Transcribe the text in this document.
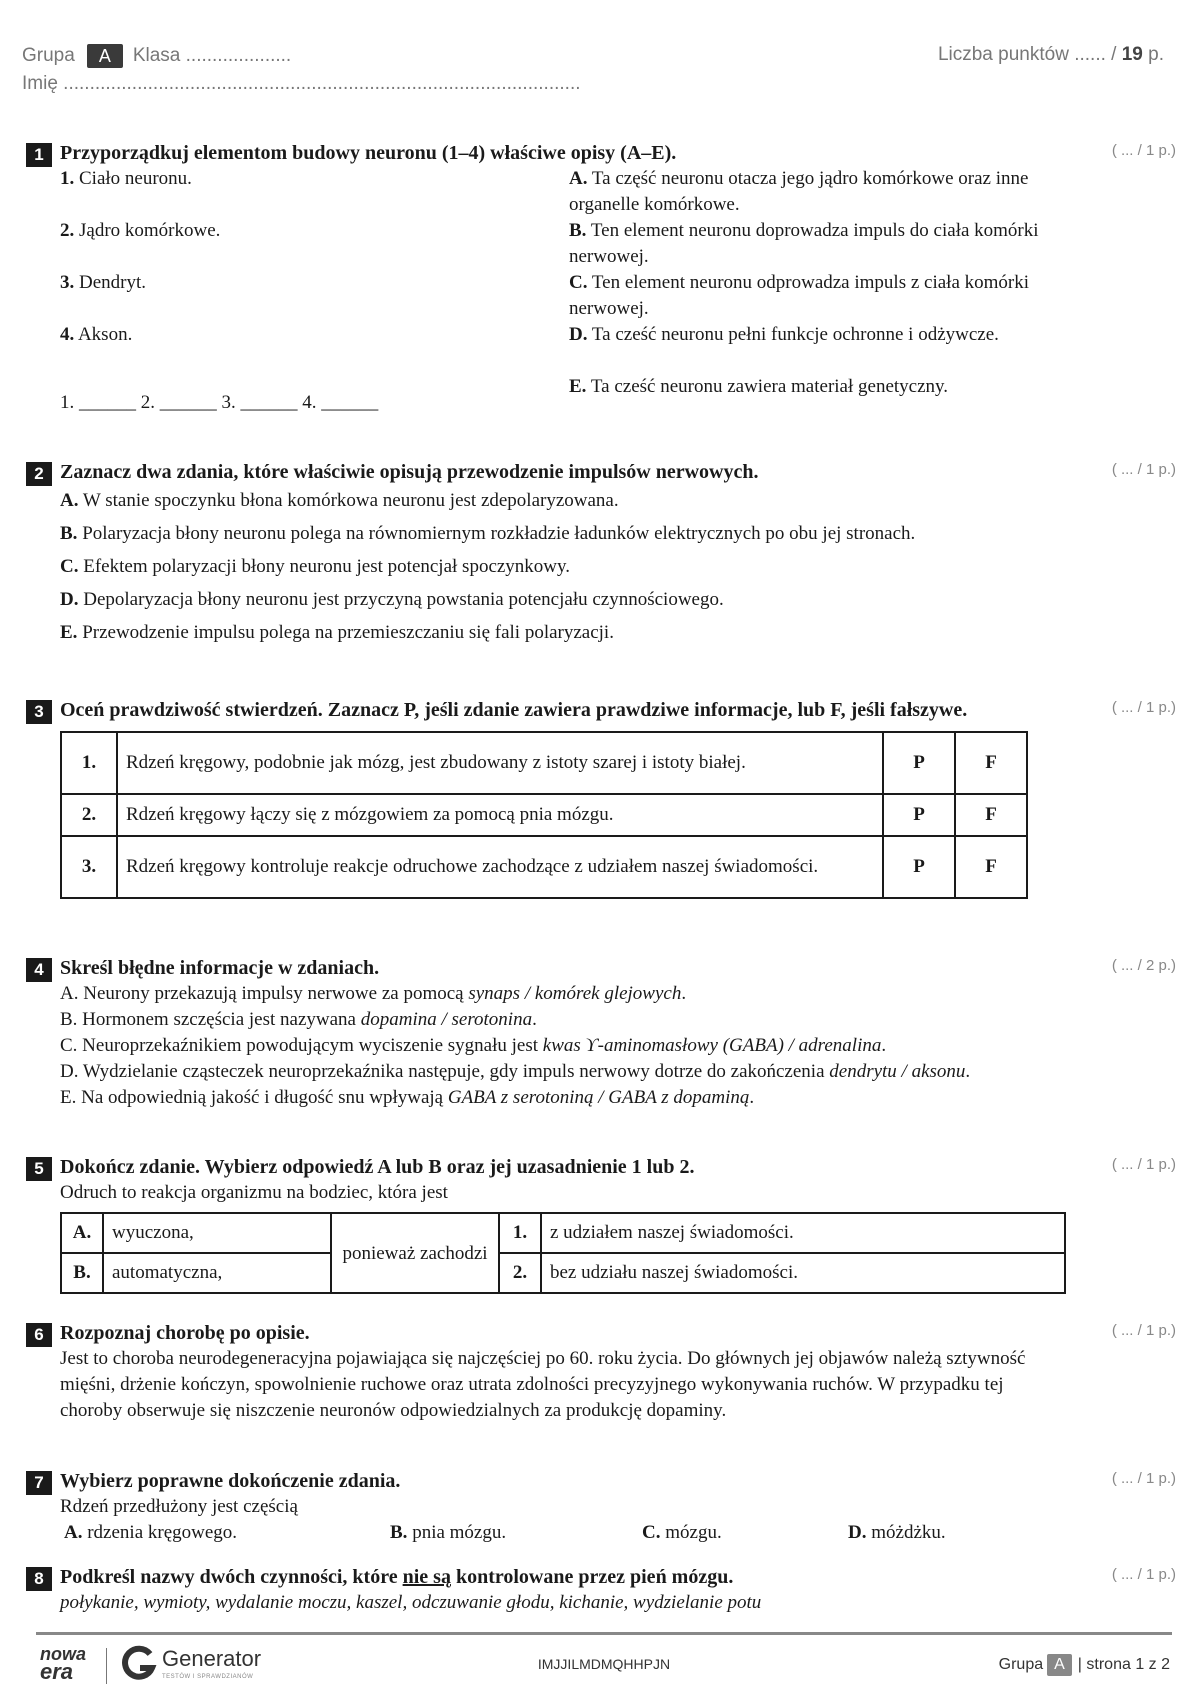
Grupa	A	Klasa ....................
Imię ..................................................................................................
Liczba punktów ...... / 19 p.
1 Przyporządkuj elementom budowy neuronu (1–4) właściwe opisy (A–E).	( ... / 1 p.)
1. Ciało neuronu.
2. Jądro komórkowe.
3. Dendryt.
4. Akson.
1. ______ 2. ______ 3. ______ 4. ______
A. Ta część neuronu otacza jego jądro komórkowe oraz inne organelle komórkowe.
B. Ten element neuronu doprowadza impuls do ciała komórki nerwowej.
C. Ten element neuronu odprowadza impuls z ciała komórki nerwowej.
D. Ta cześć neuronu pełni funkcje ochronne i odżywcze.
E. Ta cześć neuronu zawiera materiał genetyczny.
2 Zaznacz dwa zdania, które właściwie opisują przewodzenie impulsów nerwowych.	( ... / 1 p.)
A. W stanie spoczynku błona komórkowa neuronu jest zdepolaryzowana.
B. Polaryzacja błony neuronu polega na równomiernym rozkładzie ładunków elektrycznych po obu jej stronach.
C. Efektem polaryzacji błony neuronu jest potencjał spoczynkowy.
D. Depolaryzacja błony neuronu jest przyczyną powstania potencjału czynnościowego.
E. Przewodzenie impulsu polega na przemieszczaniu się fali polaryzacji.
3 Oceń prawdziwość stwierdzeń. Zaznacz P, jeśli zdanie zawiera prawdziwe informacje, lub F, jeśli fałszywe.	( ... / 1 p.)
1.	Rdzeń kręgowy, podobnie jak mózg, jest zbudowany z istoty szarej i istoty białej.	P	F
2.	Rdzeń kręgowy łączy się z mózgowiem za pomocą pnia mózgu.	P	F
3.	Rdzeń kręgowy kontroluje reakcje odruchowe zachodzące z udziałem naszej świadomości.	P	F
4 Skreśl błędne informacje w zdaniach.	( ... / 2 p.)
A. Neurony przekazują impulsy nerwowe za pomocą synaps / komórek glejowych.
B. Hormonem szczęścia jest nazywana dopamina / serotonina.
C. Neuroprzekaźnikiem powodującym wyciszenie sygnału jest kwas ϒ-aminomasłowy (GABA) / adrenalina.
D. Wydzielanie cząsteczek neuroprzekaźnika następuje, gdy impuls nerwowy dotrze do zakończenia dendrytu / aksonu.
E. Na odpowiednią jakość i długość snu wpływają GABA z serotoniną / GABA z dopaminą.
5 Dokończ zdanie. Wybierz odpowiedź A lub B oraz jej uzasadnienie 1 lub 2.	( ... / 1 p.)
Odruch to reakcja organizmu na bodziec, która jest
A.	wyuczona,	ponieważ zachodzi	1.	z udziałem naszej świadomości.
B.	automatyczna,		2.	bez udziału naszej świadomości.
6 Rozpoznaj chorobę po opisie.	( ... / 1 p.)
Jest to choroba neurodegeneracyjna pojawiająca się najczęściej po 60. roku życia. Do głównych jej objawów należą sztywność mięśni, drżenie kończyn, spowolnienie ruchowe oraz utrata zdolności precyzyjnego wykonywania ruchów. W przypadku tej choroby obserwuje się niszczenie neuronów odpowiedzialnych za produkcję dopaminy.
7 Wybierz poprawne dokończenie zdania.	( ... / 1 p.)
Rdzeń przedłużony jest częścią
A. rdzenia kręgowego.	B. pnia mózgu.	C. mózgu.	D. móżdżku.
8 Podkreśl nazwy dwóch czynności, które nie są kontrolowane przez pień mózgu.	( ... / 1 p.)
połykanie, wymioty, wydalanie moczu, kaszel, odczuwanie głodu, kichanie, wydzielanie potu
nowa
era
Generator
TESTÓW I SPRAWDZIANÓW
IMJJILMDMQHHPJN	Grupa A | strona 1 z 2
